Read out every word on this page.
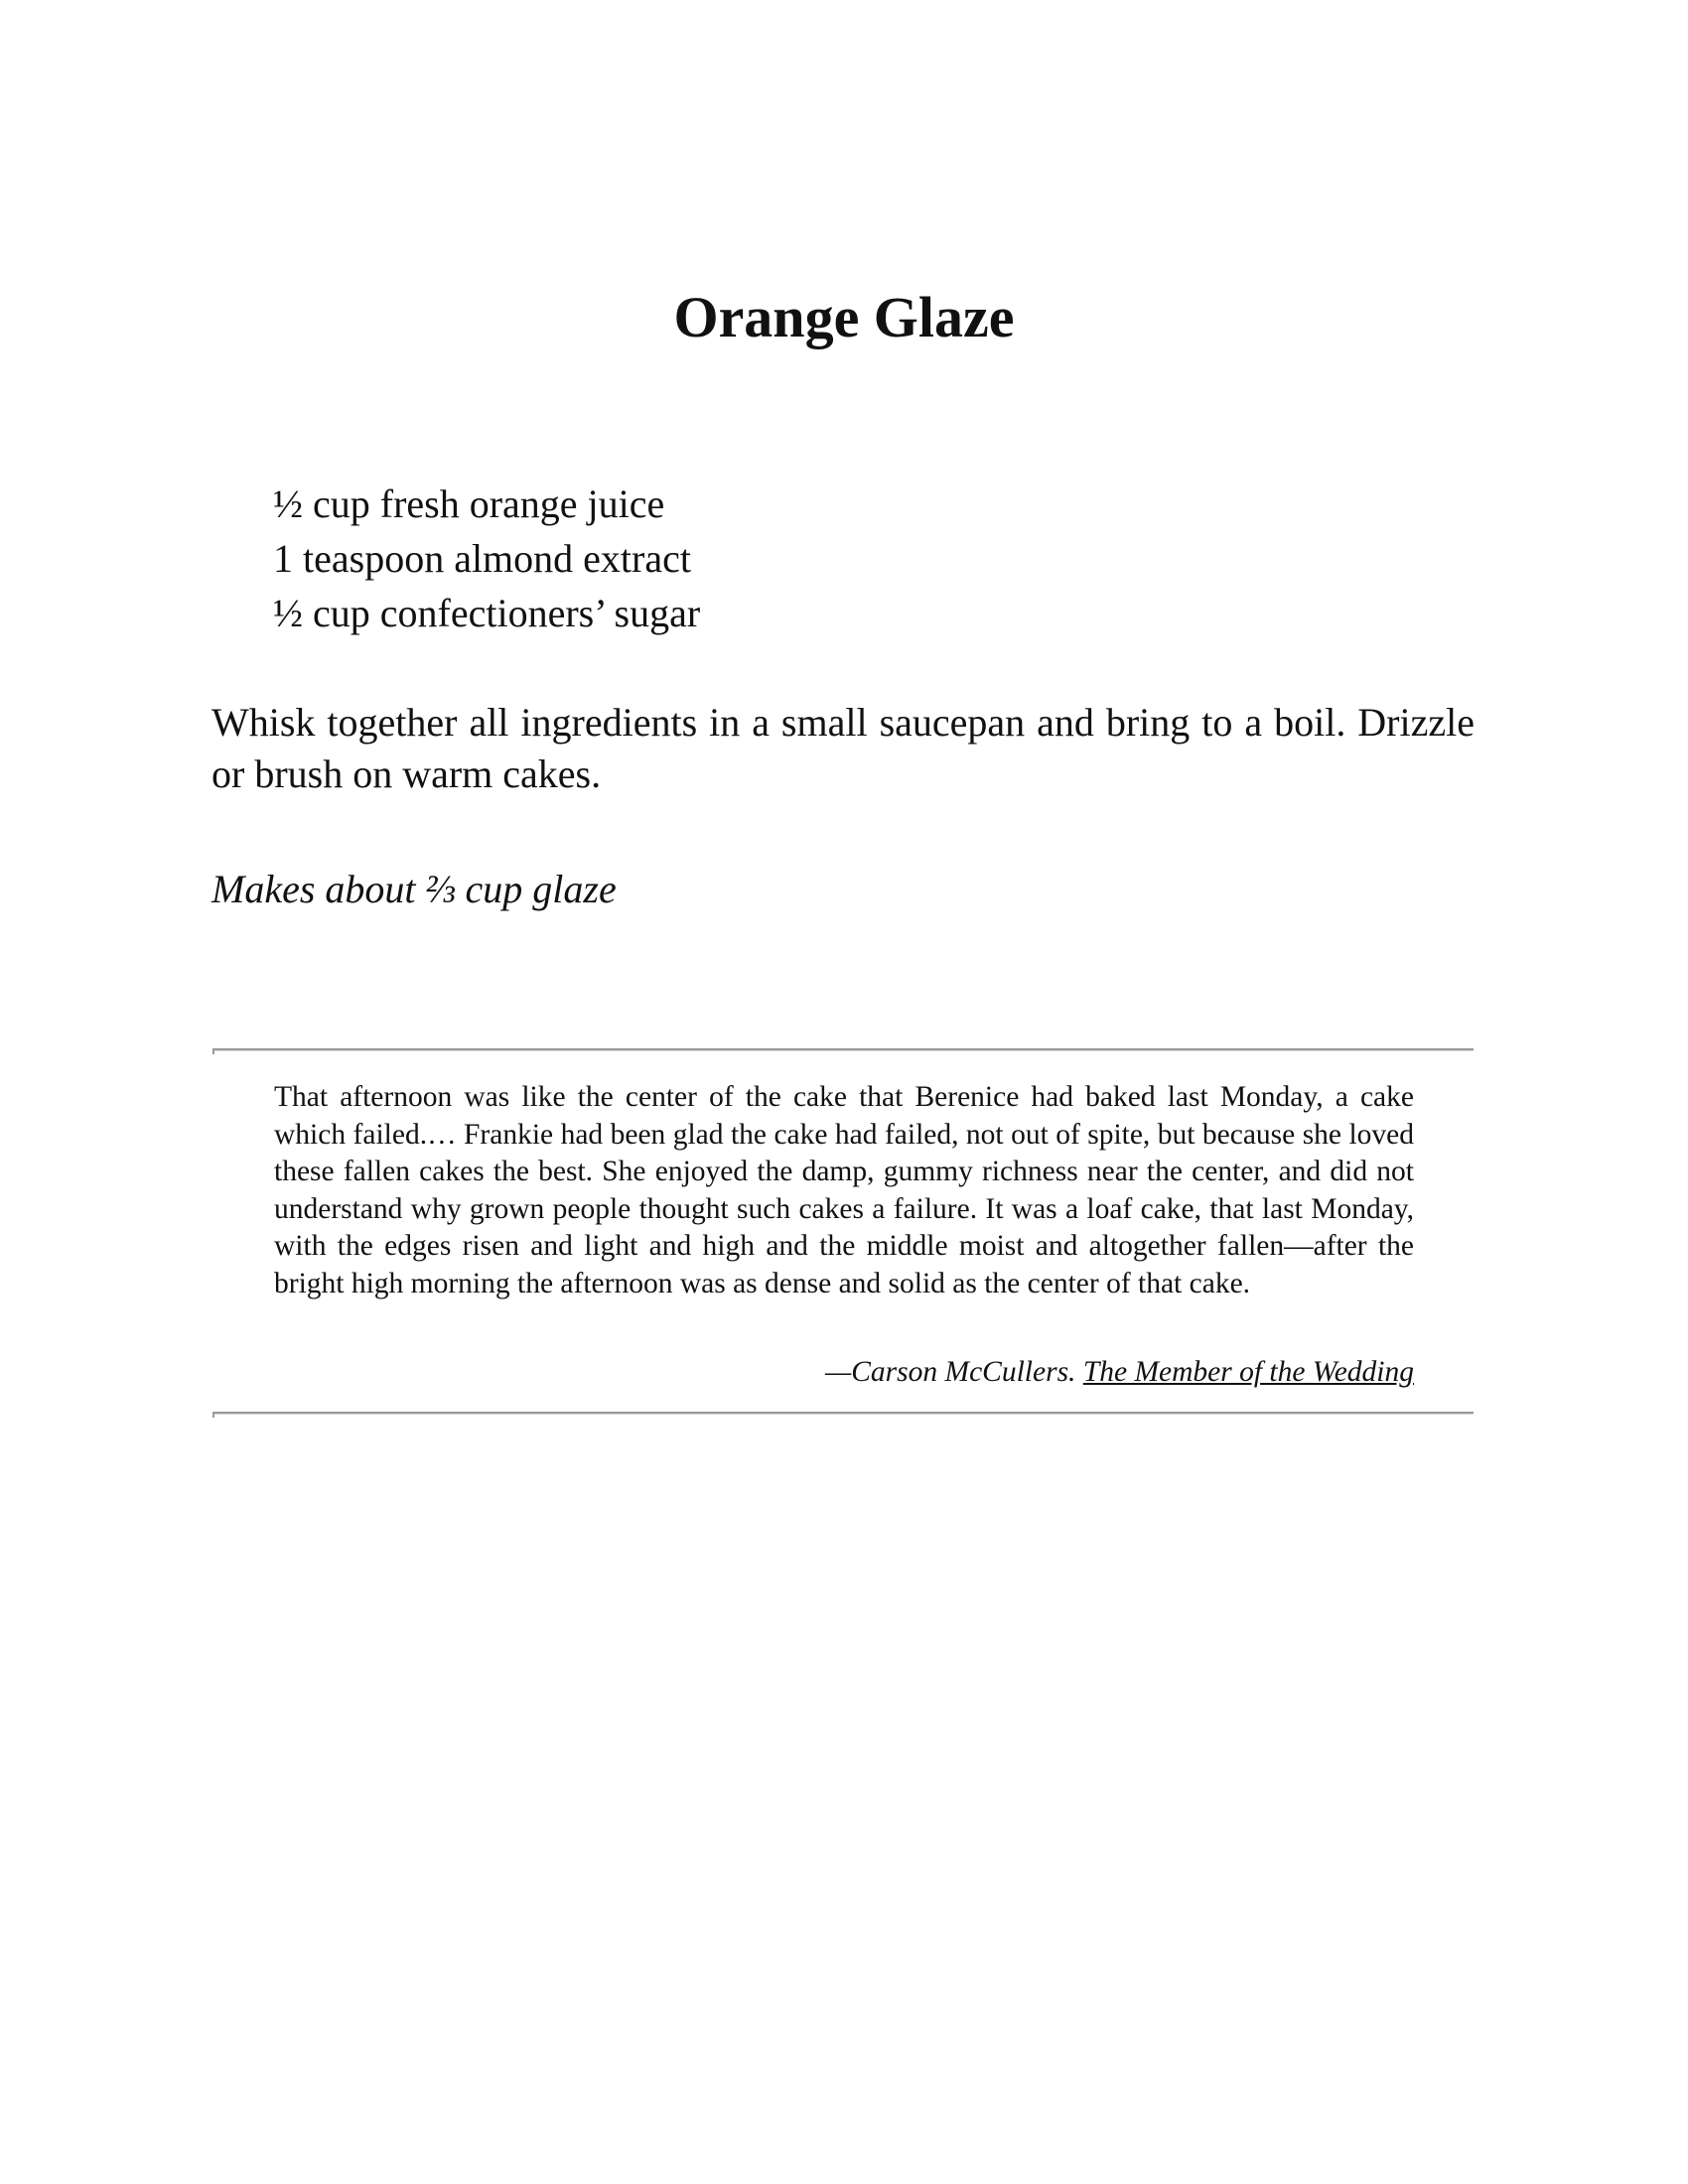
Orange Glaze
½ cup fresh orange juice
1 teaspoon almond extract
½ cup confectioners’ sugar

Whisk together all ingredients in a small saucepan and bring to a boil. Drizzle or brush on warm cakes.

Makes about ⅔ cup glaze

That afternoon was like the center of the cake that Berenice had baked last Monday, a cake which failed.… Frankie had been glad the cake had failed, not out of spite, but because she loved these fallen cakes the best. She enjoyed the damp, gummy richness near the center, and did not understand why grown people thought such cakes a failure. It was a loaf cake, that last Monday, with the edges risen and light and high and the middle moist and altogether fallen—after the bright high morning the afternoon was as dense and solid as the center of that cake.

—Carson McCullers. The Member of the Wedding
